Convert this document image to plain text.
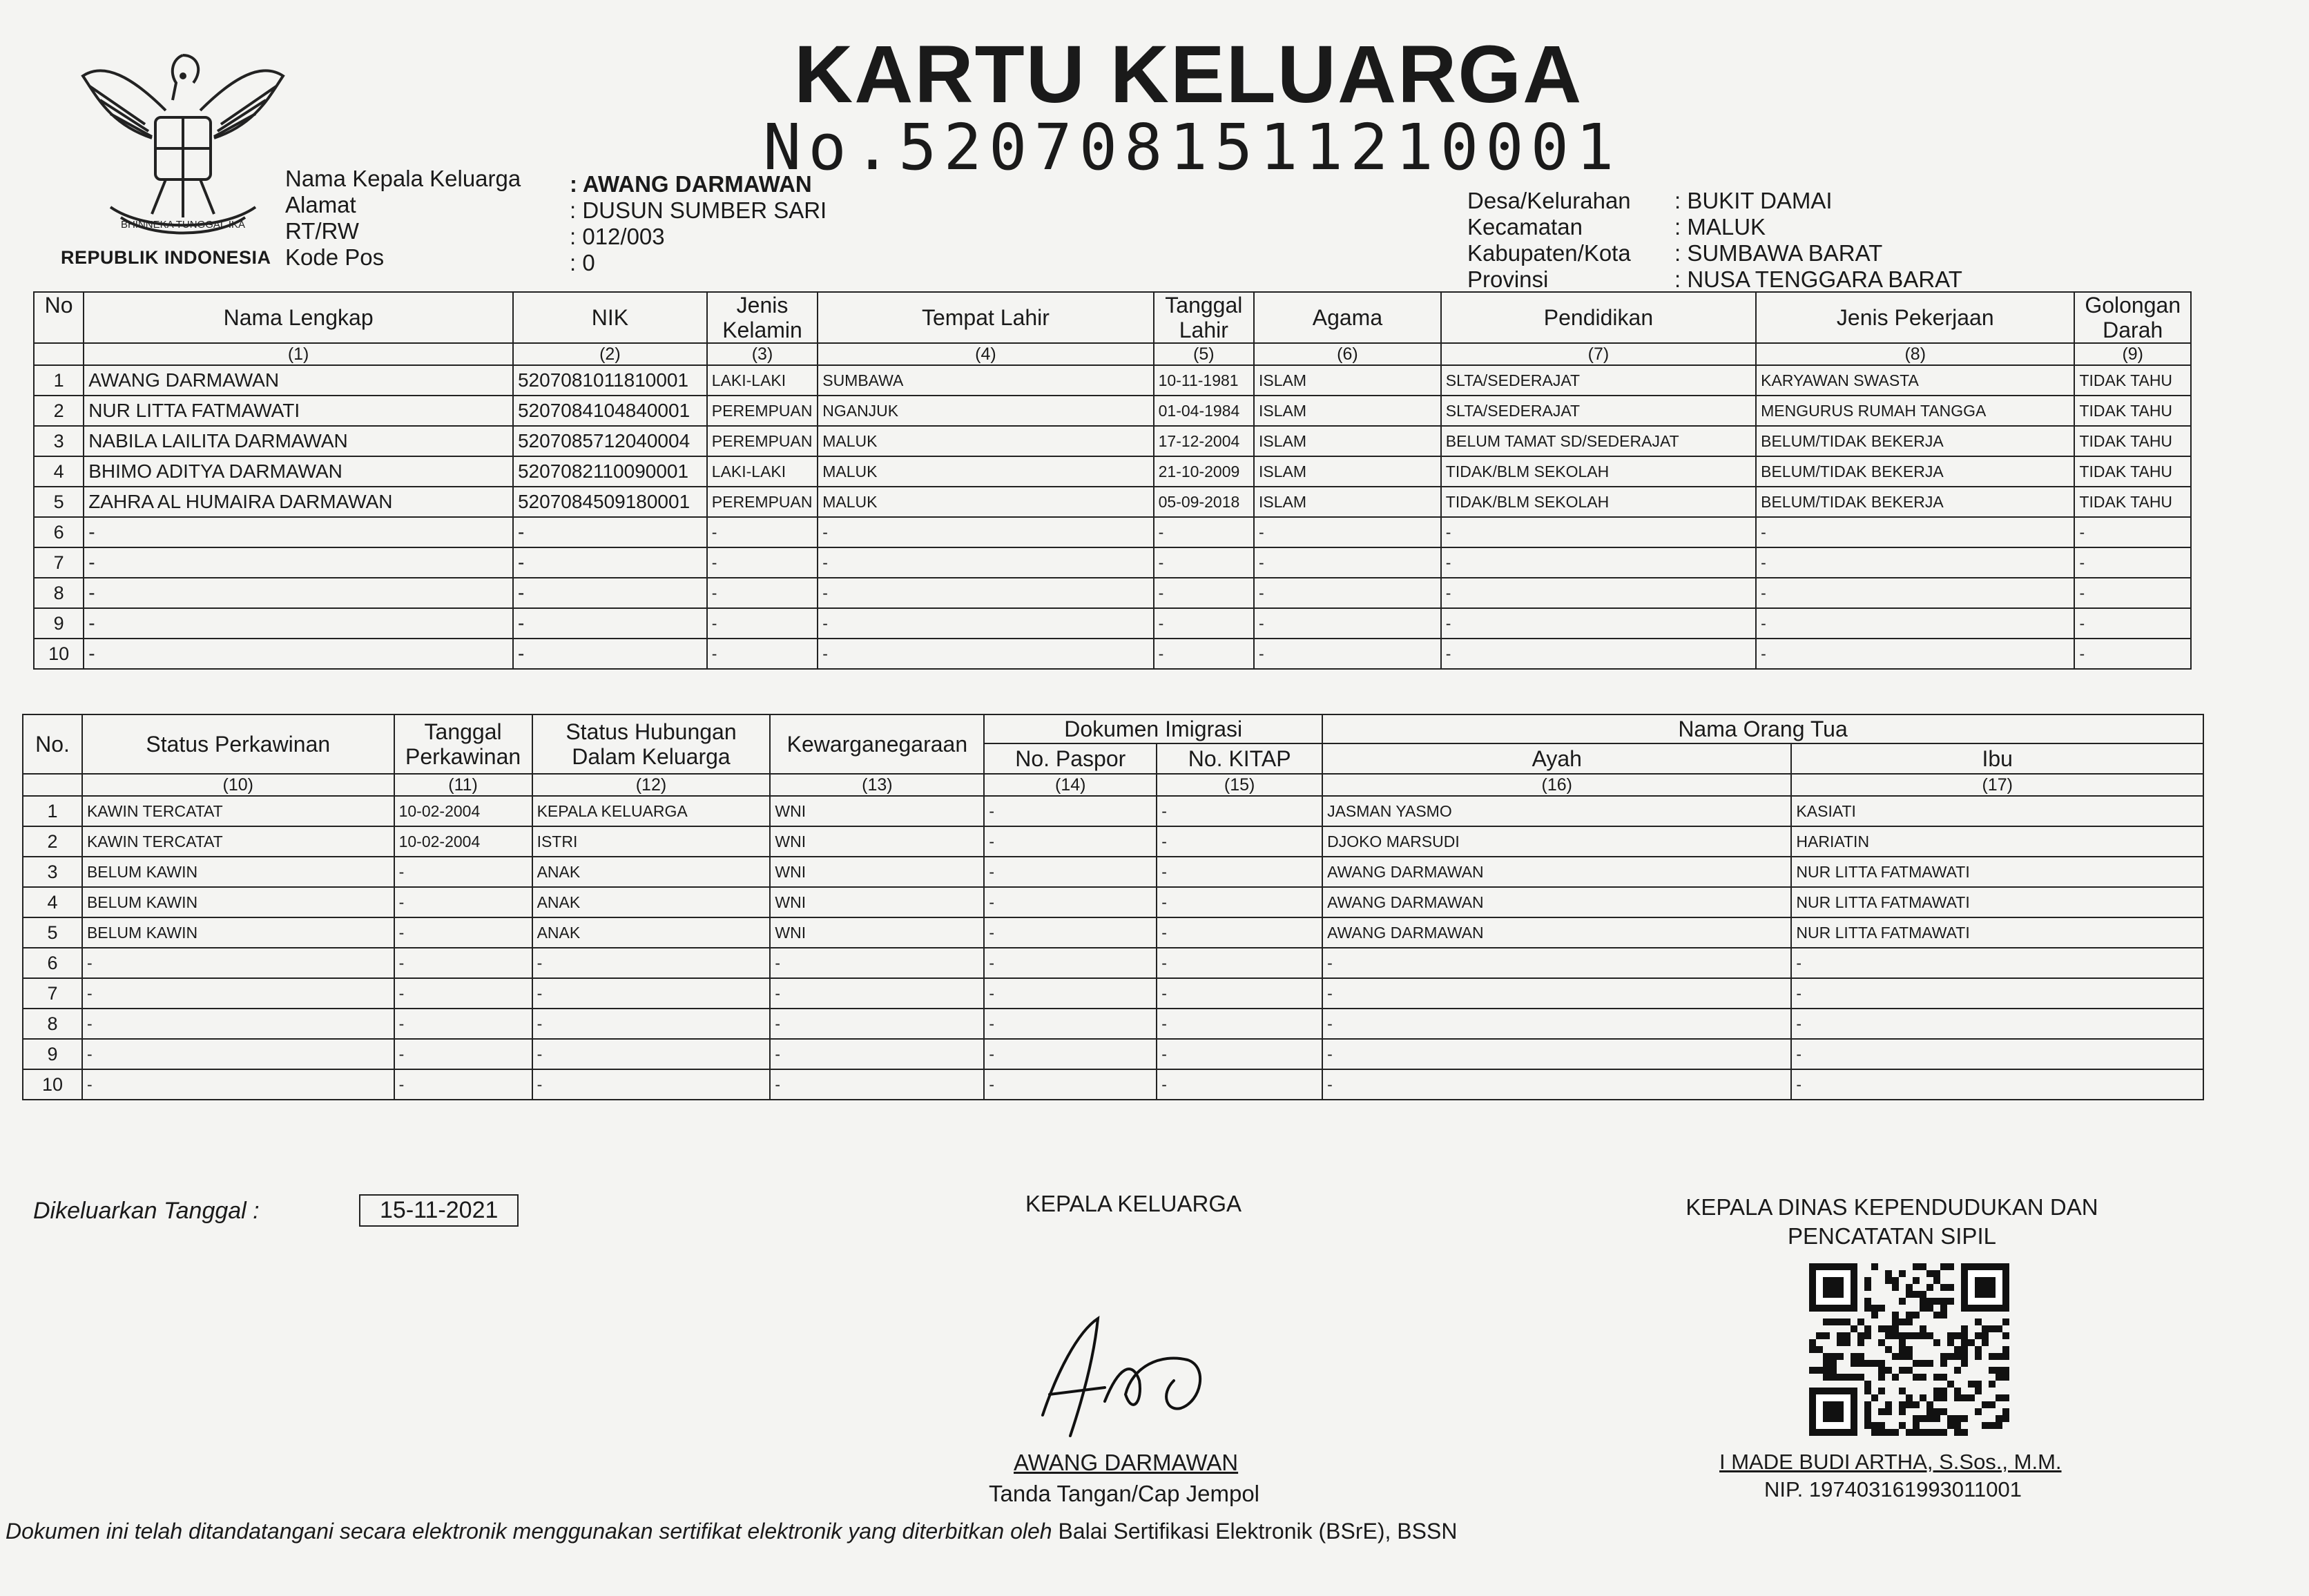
BHINNEKA TUNGGAL IKA
REPUBLIK INDONESIA
KARTU KELUARGA
No.5207081511210001
Nama Kepala Keluarga
Alamat
RT/RW
Kode Pos
: AWANG DARMAWAN
: DUSUN SUMBER SARI
: 012/003
: 0
Desa/Kelurahan
Kecamatan
Kabupaten/Kota
Provinsi
: BUKIT DAMAI
: MALUK
: SUMBAWA BARAT
: NUSA TENGGARA BARAT
No	Nama Lengkap	NIK	Jenis Kelamin	Tempat Lahir	Tanggal Lahir	Agama	Pendidikan	Jenis Pekerjaan	Golongan Darah
	(1)	(2)	(3)	(4)	(5)	(6)	(7)	(8)	(9)
1	AWANG DARMAWAN	5207081011810001	LAKI-LAKI	SUMBAWA	10-11-1981	ISLAM	SLTA/SEDERAJAT	KARYAWAN SWASTA	TIDAK TAHU
2	NUR LITTA FATMAWATI	5207084104840001	PEREMPUAN	NGANJUK	01-04-1984	ISLAM	SLTA/SEDERAJAT	MENGURUS RUMAH TANGGA	TIDAK TAHU
3	NABILA LAILITA DARMAWAN	5207085712040004	PEREMPUAN	MALUK	17-12-2004	ISLAM	BELUM TAMAT SD/SEDERAJAT	BELUM/TIDAK BEKERJA	TIDAK TAHU
4	BHIMO ADITYA DARMAWAN	5207082110090001	LAKI-LAKI	MALUK	21-10-2009	ISLAM	TIDAK/BLM SEKOLAH	BELUM/TIDAK BEKERJA	TIDAK TAHU
5	ZAHRA AL HUMAIRA DARMAWAN	5207084509180001	PEREMPUAN	MALUK	05-09-2018	ISLAM	TIDAK/BLM SEKOLAH	BELUM/TIDAK BEKERJA	TIDAK TAHU
6	-	-	-	-	-	-	-	-	-
7	-	-	-	-	-	-	-	-	-
8	-	-	-	-	-	-	-	-	-
9	-	-	-	-	-	-	-	-	-
10	-	-	-	-	-	-	-	-	-
No.	Status Perkawinan	Tanggal Perkawinan	Status Hubungan Dalam Keluarga	Kewarganegaraan	Dokumen Imigrasi		Nama Orang Tua	
					No. Paspor	No. KITAP	Ayah	Ibu
	(10)	(11)	(12)	(13)	(14)	(15)	(16)	(17)
1	KAWIN TERCATAT	10-02-2004	KEPALA KELUARGA	WNI	-	-	JASMAN YASMO	KASIATI
2	KAWIN TERCATAT	10-02-2004	ISTRI	WNI	-	-	DJOKO MARSUDI	HARIATIN
3	BELUM KAWIN	-	ANAK	WNI	-	-	AWANG DARMAWAN	NUR LITTA FATMAWATI
4	BELUM KAWIN	-	ANAK	WNI	-	-	AWANG DARMAWAN	NUR LITTA FATMAWATI
5	BELUM KAWIN	-	ANAK	WNI	-	-	AWANG DARMAWAN	NUR LITTA FATMAWATI
6	-	-	-	-	-	-	-	-
7	-	-	-	-	-	-	-	-
8	-	-	-	-	-	-	-	-
9	-	-	-	-	-	-	-	-
10	-	-	-	-	-	-	-	-
Dikeluarkan Tanggal :	15-11-2021	KEPALA KELUARGA	KEPALA DINAS KEPENDUDUKAN DAN
PENCATATAN SIPIL
AWANG DARMAWAN
Tanda Tangan/Cap Jempol
I MADE BUDI ARTHA, S.Sos., M.M.
NIP. 197403161993011001
Dokumen ini telah ditandatangani secara elektronik menggunakan sertifikat elektronik yang diterbitkan oleh Balai Sertifikasi Elektronik (BSrE), BSSN
